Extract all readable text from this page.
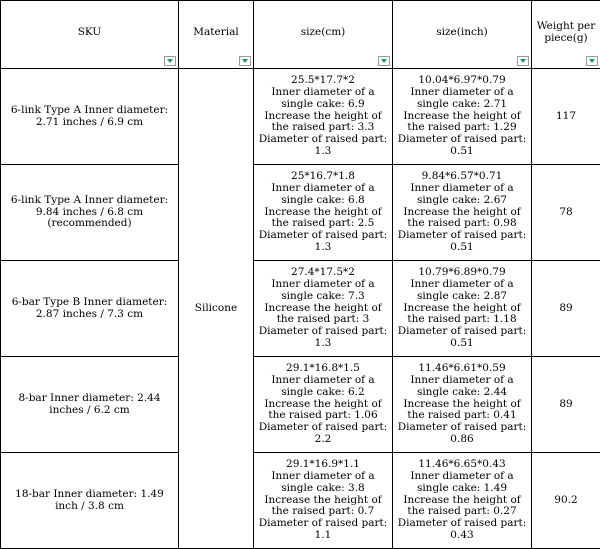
SKU	Material	size(cm)	size(inch)	Weight per piece(g)

6-link Type A Inner diameter: 2.71 inches / 6.9 cm	Silicone	25.5*17.7*2
Inner diameter of a single cake: 6.9
Increase the height of the raised part: 3.3
Diameter of raised part: 1.3	10.04*6.97*0.79
Inner diameter of a single cake: 2.71
Increase the height of the raised part: 1.29
Diameter of raised part: 0.51	117
6-link Type A Inner diameter: 9.84 inches / 6.8 cm (recommended)		25*16.7*1.8
Inner diameter of a single cake: 6.8
Increase the height of the raised part: 2.5
Diameter of raised part: 1.3	9.84*6.57*0.71
Inner diameter of a single cake: 2.67
Increase the height of the raised part: 0.98
Diameter of raised part: 0.51	78
6-bar Type B Inner diameter: 2.87 inches / 7.3 cm		27.4*17.5*2
Inner diameter of a single cake: 7.3
Increase the height of the raised part: 3
Diameter of raised part: 1.3	10.79*6.89*0.79
Inner diameter of a single cake: 2.87
Increase the height of the raised part: 1.18
Diameter of raised part: 0.51	89
8-bar Inner diameter: 2.44 inches / 6.2 cm		29.1*16.8*1.5
Inner diameter of a single cake: 6.2
Increase the height of the raised part: 1.06
Diameter of raised part: 2.2	11.46*6.61*0.59
Inner diameter of a single cake: 2.44
Increase the height of the raised part: 0.41
Diameter of raised part: 0.86	89
18-bar Inner diameter: 1.49 inch / 3.8 cm		29.1*16.9*1.1
Inner diameter of a single cake: 3.8
Increase the height of the raised part: 0.7
Diameter of raised part: 1.1	11.46*6.65*0.43
Inner diameter of a single cake: 1.49
Increase the height of the raised part: 0.27
Diameter of raised part: 0.43	90.2
